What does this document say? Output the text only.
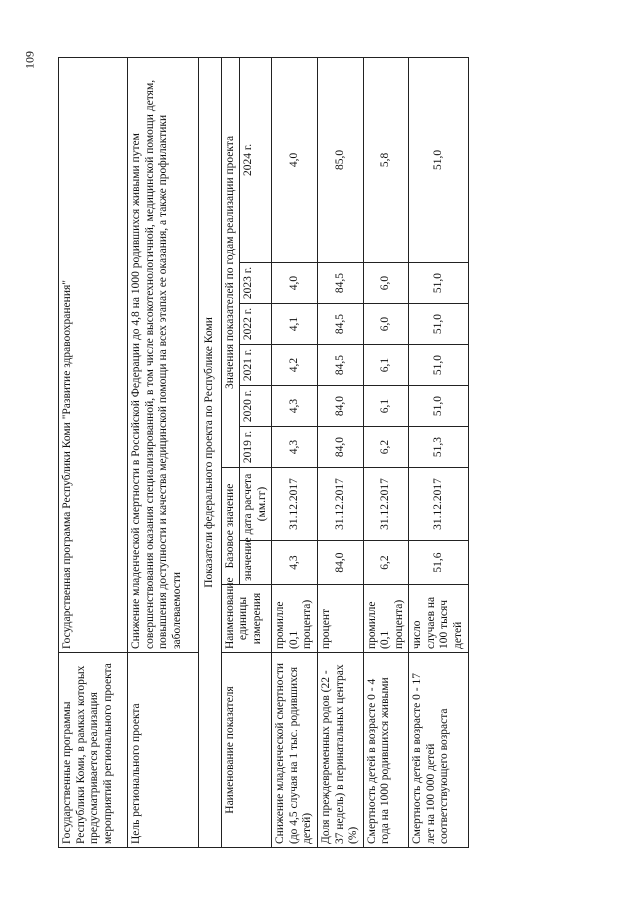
109
Государственные программы Республики Коми, в рамках которых предусматривается реализация мероприятий регионального проекта	Государственная программа Республики Коми "Развитие здравоохранения"								
Цель регионального проекта	Снижение младенческой смертности в Российской Федерации до 4,8 на 1000 родившихся живыми путем совершенствования оказания специализированной, в том числе высокотехнологичной, медицинской помощи детям, повышения доступности и качества медицинской помощи на всех этапах ее оказания, а также профилактики заболеваемости								
Показатели федерального проекта по Республике Коми									
Наименование показателя	Наименование единицы измерения	Базовое значение		Значения показателей по годам реализации проекта					
				2019 г.	2020 г.	2021 г.	2022 г.	2023 г.	2024 г.
		значение	дата расчета (мм.гг)						
Снижение младенческой смертности (до 4,5 случая на 1 тыс. родившихся детей)	промилле (0,1 процента)	4,3	31.12.2017	4,3	4,3	4,2	4,1	4,0	4,0
Доля преждевременных родов (22 - 37 недель) в перинатальных центрах (%)	процент	84,0	31.12.2017	84,0	84,0	84,5	84,5	84,5	85,0
Смертность детей в возрасте 0 - 4 года на 1000 родившихся живыми	промилле (0,1 процента)	6,2	31.12.2017	6,2	6,1	6,1	6,0	6,0	5,8
Смертность детей в возрасте 0 - 17 лет на 100 000 детей соответствующего возраста	число случаев на 100 тысяч детей	51,6	31.12.2017	51,3	51,0	51,0	51,0	51,0	51,0
